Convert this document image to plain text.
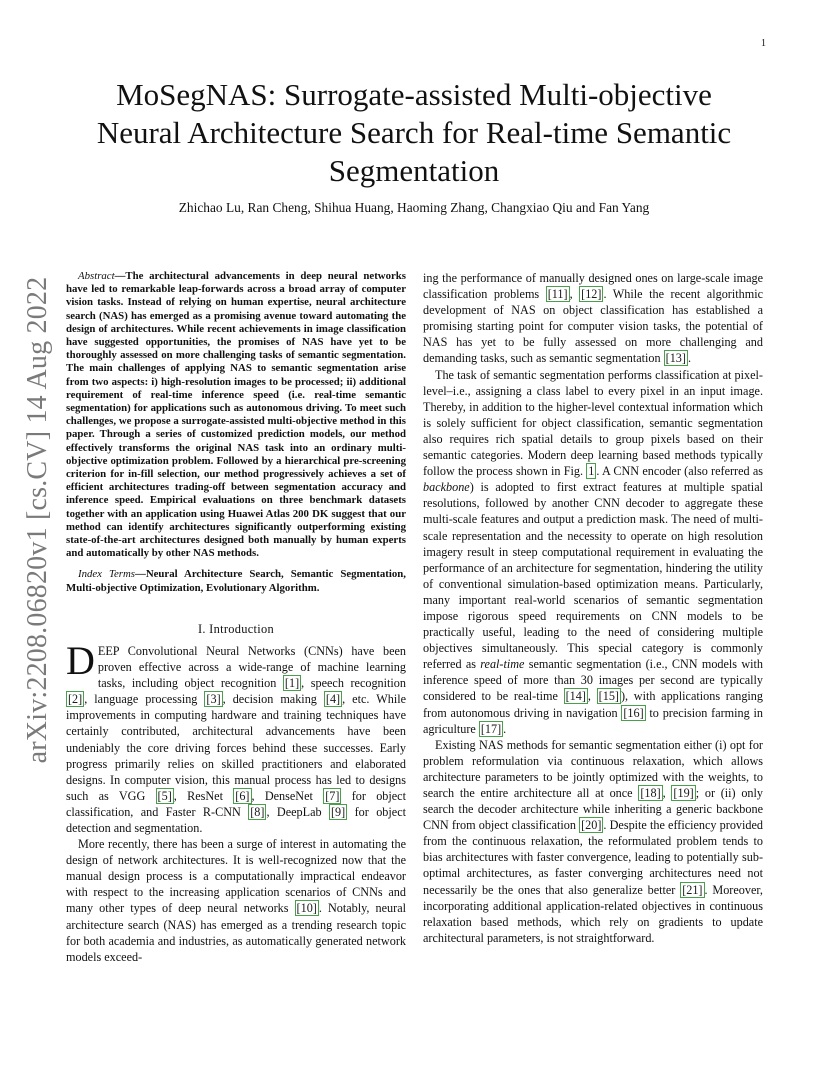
1
arXiv:2208.06820v1 [cs.CV] 14 Aug 2022
MoSegNAS: Surrogate-assisted Multi-objective
Neural Architecture Search for Real-time Semantic
Segmentation
Zhichao Lu, Ran Cheng, Shihua Huang, Haoming Zhang, Changxiao Qiu and Fan Yang

Abstract—The architectural advancements in deep neural networks have led to remarkable leap-forwards across a broad array of computer vision tasks. Instead of relying on human expertise, neural architecture search (NAS) has emerged as a promising avenue toward automating the design of architectures. While recent achievements in image classification have suggested opportunities, the promises of NAS have yet to be thoroughly assessed on more challenging tasks of semantic segmentation. The main challenges of applying NAS to semantic segmentation arise from two aspects: i) high-resolution images to be processed; ii) additional requirement of real-time inference speed (i.e. real-time semantic segmentation) for applications such as autonomous driving. To meet such challenges, we propose a surrogate-assisted multi-objective method in this paper. Through a series of customized prediction models, our method effectively transforms the original NAS task into an ordinary multi-objective optimization problem. Followed by a hierarchical pre-screening criterion for in-fill selection, our method progressively achieves a set of efficient architectures trading-off between segmentation accuracy and inference speed. Empirical evaluations on three benchmark datasets together with an application using Huawei Atlas 200 DK suggest that our method can identify architectures significantly outperforming existing state-of-the-art architectures designed both manually by human experts and automatically by other NAS methods.

Index Terms—Neural Architecture Search, Semantic Segmentation, Multi-objective Optimization, Evolutionary Algorithm.

I. Introduction

DEEP Convolutional Neural Networks (CNNs) have been proven effective across a wide-range of machine learning tasks, including object recognition [1] , speech recognition [2] , language processing [3] , decision making [4] , etc. While improvements in computing hardware and training techniques have certainly contributed, architectural advancements have been undeniably the core driving forces behind these successes. Early progress primarily relies on skilled practitioners and elaborated designs. In computer vision, this manual process has led to designs such as VGG [5] , ResNet [6] , DenseNet [7] for object classification, and Faster R-CNN [8] , DeepLab [9] for object detection and segmentation.

More recently, there has been a surge of interest in automating the design of network architectures. It is well-recognized now that the manual design process is a computationally impractical endeavor with respect to the increasing application scenarios of CNNs and many other types of deep neural networks [10] . Notably, neural architecture search (NAS) has emerged as a trending research topic for both academia and industries, as automatically generated network models exceed-

ing the performance of manually designed ones on large-scale image classification problems [11] , [12] . While the recent algorithmic development of NAS on object classification has established a promising starting point for computer vision tasks, the potential of NAS has yet to be fully assessed on more challenging and demanding tasks, such as semantic segmentation [13] .

The task of semantic segmentation performs classification at pixel-level–i.e., assigning a class label to every pixel in an input image. Thereby, in addition to the higher-level contextual information which is solely sufficient for object classification, semantic segmentation also requires rich spatial details to group pixels based on their semantic categories. Modern deep learning based methods typically follow the process shown in Fig. 1 . A CNN encoder (also referred as backbone) is adopted to first extract features at multiple spatial resolutions, followed by another CNN decoder to aggregate these multi-scale features and output a prediction mask. The need of multi-scale representation and the necessity to operate on high resolution imagery result in steep computational requirement in evaluating the performance of an architecture for segmentation, hindering the utility of conventional simulation-based optimization means. Particularly, many important real-world scenarios of semantic segmentation impose rigorous speed requirements on CNN models to be practically useful, leading to the need of considering multiple objectives simultaneously. This special category is commonly referred as real-time semantic segmentation (i.e., CNN models with inference speed of more than 30 images per second are typically considered to be real-time [14] , [15] ), with applications ranging from autonomous driving in navigation [16] to precision farming in agriculture [17] .

Existing NAS methods for semantic segmentation either (i) opt for problem reformulation via continuous relaxation, which allows architecture parameters to be jointly optimized with the weights, to search the entire architecture all at once [18] , [19] ; or (ii) only search the decoder architecture while inheriting a generic backbone CNN from object classification [20] . Despite the efficiency provided from the continuous relaxation, the reformulated problem tends to bias architectures with faster convergence, leading to potentially sub-optimal architectures, as faster converging architectures need not necessarily be the ones that also generalize better [21] . Moreover, incorporating additional application-related objectives in continuous relaxation based methods, which rely on gradients to update architectural parameters, is not straightforward.
